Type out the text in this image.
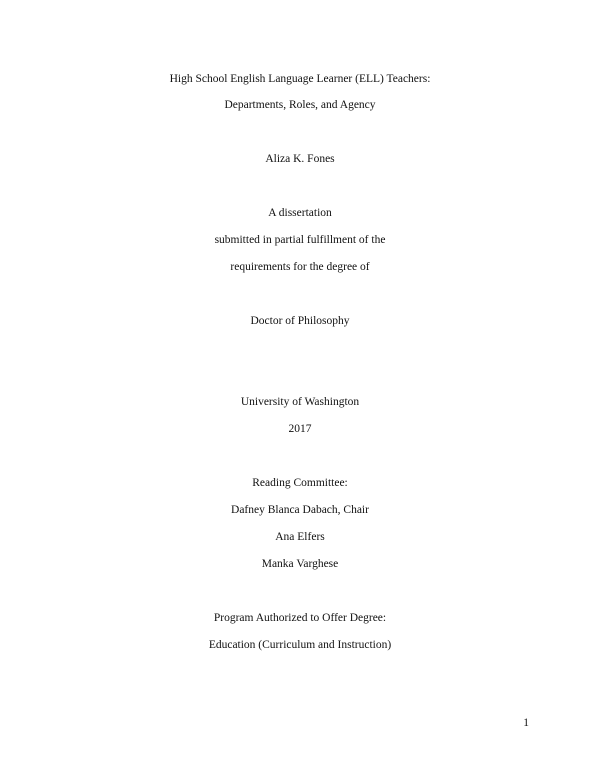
High School English Language Learner (ELL) Teachers:
Departments, Roles, and Agency
Aliza K. Fones
A dissertation
submitted in partial fulfillment of the
requirements for the degree of
Doctor of Philosophy
University of Washington
2017
Reading Committee:
Dafney Blanca Dabach, Chair
Ana Elfers
Manka Varghese
Program Authorized to Offer Degree:
Education (Curriculum and Instruction)
1
